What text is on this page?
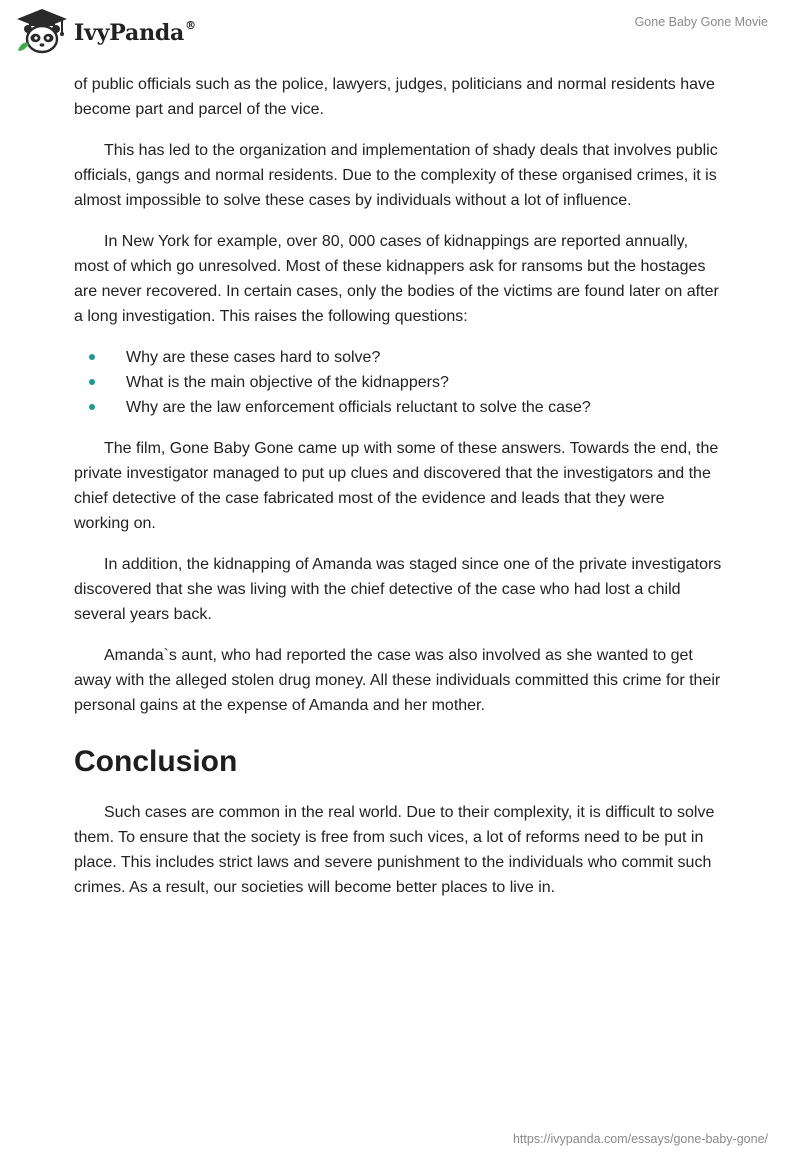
IvyPanda®	Gone Baby Gone Movie

of public officials such as the police, lawyers, judges, politicians and normal residents have become part and parcel of the vice.

This has led to the organization and implementation of shady deals that involves public officials, gangs and normal residents. Due to the complexity of these organised crimes, it is almost impossible to solve these cases by individuals without a lot of influence.

In New York for example, over 80, 000 cases of kidnappings are reported annually, most of which go unresolved. Most of these kidnappers ask for ransoms but the hostages are never recovered. In certain cases, only the bodies of the victims are found later on after a long investigation. This raises the following questions:

Why are these cases hard to solve?
What is the main objective of the kidnappers?
Why are the law enforcement officials reluctant to solve the case?

The film, Gone Baby Gone came up with some of these answers. Towards the end, the private investigator managed to put up clues and discovered that the investigators and the chief detective of the case fabricated most of the evidence and leads that they were working on.

In addition, the kidnapping of Amanda was staged since one of the private investigators discovered that she was living with the chief detective of the case who had lost a child several years back.

Amanda`s aunt, who had reported the case was also involved as she wanted to get away with the alleged stolen drug money. All these individuals committed this crime for their personal gains at the expense of Amanda and her mother.

Conclusion

Such cases are common in the real world. Due to their complexity, it is difficult to solve them. To ensure that the society is free from such vices, a lot of reforms need to be put in place. This includes strict laws and severe punishment to the individuals who commit such crimes. As a result, our societies will become better places to live in.

https://ivypanda.com/essays/gone-baby-gone/
